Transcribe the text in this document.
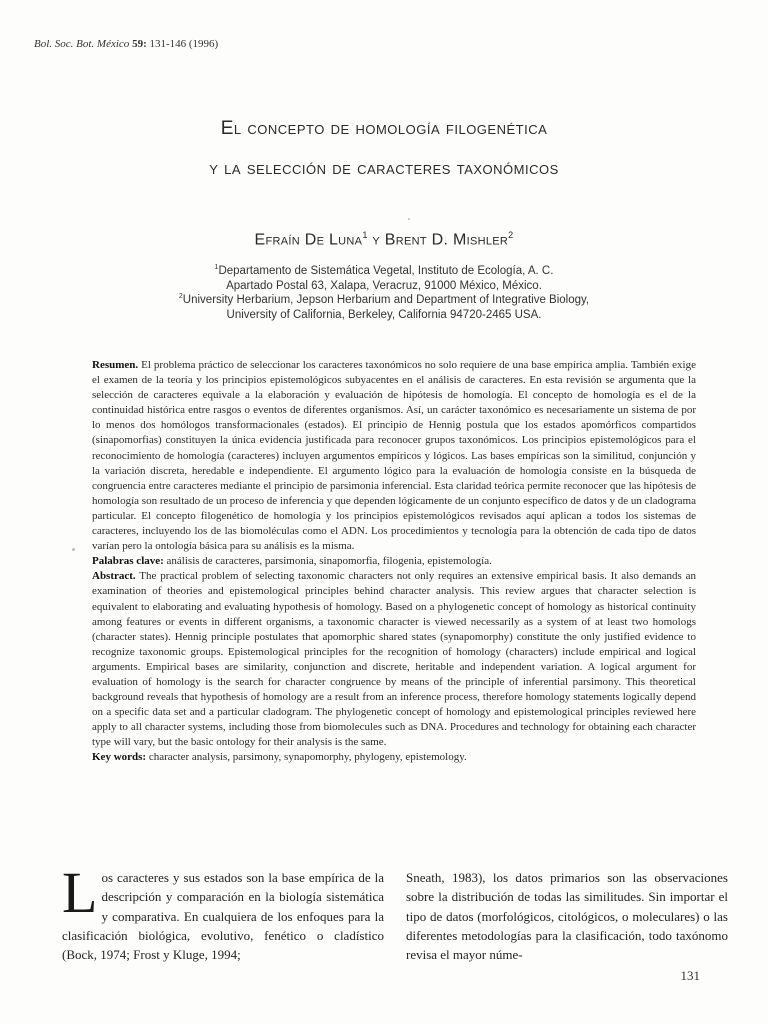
Bol. Soc. Bot. México 59: 131-146 (1996)
El concepto de homología filogenética
y la selección de caracteres taxonómicos
Efraín De Luna$^1$ y Brent D. Mishler$^2$
$^1$Departamento de Sistemática Vegetal, Instituto de Ecología, A. C.
Apartado Postal 63, Xalapa, Veracruz, 91000 México, México.
$^2$University Herbarium, Jepson Herbarium and Department of Integrative Biology,
University of California, Berkeley, California 94720-2465 USA.

Resumen. El problema práctico de seleccionar los caracteres taxonómicos no solo requiere de una base empírica amplia. También exige el examen de la teoría y los principios epistemológicos subyacentes en el análisis de caracteres. En esta revisión se argumenta que la selección de caracteres equivale a la elaboración y evaluación de hipótesis de homología. El concepto de homología es el de la continuidad histórica entre rasgos o eventos de diferentes organismos. Así, un carácter taxonómico es necesariamente un sistema de por lo menos dos homólogos transformacionales (estados). El principio de Hennig postula que los estados apomórficos compartidos (sinapomorfias) constituyen la única evidencia justificada para reconocer grupos taxonómicos. Los principios epistemológicos para el reconocimiento de homología (caracteres) incluyen argumentos empíricos y lógicos. Las bases empíricas son la similitud, conjunción y la variación discreta, heredable e independiente. El argumento lógico para la evaluación de homología consiste en la búsqueda de congruencia entre caracteres mediante el principio de parsimonia inferencial. Esta claridad teórica permite reconocer que las hipótesis de homología son resultado de un proceso de inferencia y que dependen lógicamente de un conjunto específico de datos y de un cladograma particular. El concepto filogenético de homología y los principios epistemológicos revisados aquí aplican a todos los sistemas de caracteres, incluyendo los de las biomoléculas como el ADN. Los procedimientos y tecnología para la obtención de cada tipo de datos varían pero la ontología básica para su análisis es la misma.

Palabras clave: análisis de caracteres, parsimonia, sinapomorfia, filogenia, epistemología.

Abstract. The practical problem of selecting taxonomic characters not only requires an extensive empirical basis. It also demands an examination of theories and epistemological principles behind character analysis. This review argues that character selection is equivalent to elaborating and evaluating hypothesis of homology. Based on a phylogenetic concept of homology as historical continuity among features or events in different organisms, a taxonomic character is viewed necessarily as a system of at least two homologs (character states). Hennig principle postulates that apomorphic shared states (synapomorphy) constitute the only justified evidence to recognize taxonomic groups. Epistemological principles for the recognition of homology (characters) include empirical and logical arguments. Empirical bases are similarity, conjunction and discrete, heritable and independent variation. A logical argument for evaluation of homology is the search for character congruence by means of the principle of inferential parsimony. This theoretical background reveals that hypothesis of homology are a result from an inference process, therefore homology statements logically depend on a specific data set and a particular cladogram. The phylogenetic concept of homology and epistemological principles reviewed here apply to all character systems, including those from biomolecules such as DNA. Procedures and technology for obtaining each character type will vary, but the basic ontology for their analysis is the same.

Key words: character analysis, parsimony, synapomorphy, phylogeny, epistemology.

Los caracteres y sus estados son la base empírica de la descripción y comparación en la biología sistemática y comparativa. En cualquiera de los enfoques para la clasificación biológica, evolutivo, fenético o cladístico (Bock, 1974; Frost y Kluge, 1994;
Sneath, 1983), los datos primarios son las observaciones sobre la distribución de todas las similitudes. Sin importar el tipo de datos (morfológicos, citológicos, o moleculares) o las diferentes metodologías para la clasificación, todo taxónomo revisa el mayor núme-
131
